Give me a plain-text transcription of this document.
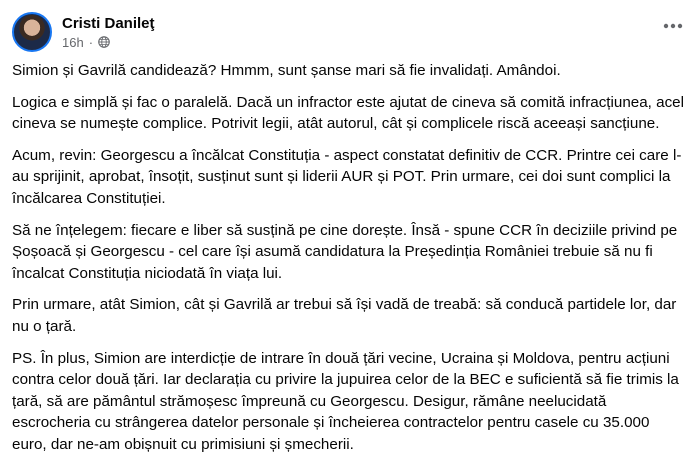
Cristi Danileţ
16h ·

Simion și Gavrilă candidează? Hmmm, sunt șanse mari să fie invalidați. Amândoi.

Logica e simplă și fac o paralelă. Dacă un infractor este ajutat de cineva să comită infracțiunea, acel cineva se numește complice. Potrivit legii, atât autorul, cât și complicele riscă aceeași sancțiune.

Acum, revin: Georgescu a încălcat Constituția - aspect constatat definitiv de CCR. Printre cei care l-au sprijinit, aprobat, însoțit, susținut sunt și liderii AUR și POT. Prin urmare, cei doi sunt complici la încălcarea Constituției.

Să ne înțelegem: fiecare e liber să susțină pe cine dorește. Însă - spune CCR în deciziile privind pe Șoșoacă și Georgescu - cel care își asumă candidatura la Președinția României trebuie să nu fi încalcat Constituția niciodată în viața lui.

Prin urmare, atât Simion, cât și Gavrilă ar trebui să își vadă de treabă: să conducă partidele lor, dar nu o țară.

PS. În plus, Simion are interdicție de intrare în două țări vecine, Ucraina și Moldova, pentru acțiuni contra celor două țări. Iar declarația cu privire la jupuirea celor de la BEC e suficientă să fie trimis la țară, să are pământul strămoșesc împreună cu Georgescu. Desigur, rămâne neelucidată escrocheria cu strângerea datelor personale și încheierea contractelor pentru casele cu 35.000 euro, dar ne-am obișnuit cu primisiuni și șmecherii.
